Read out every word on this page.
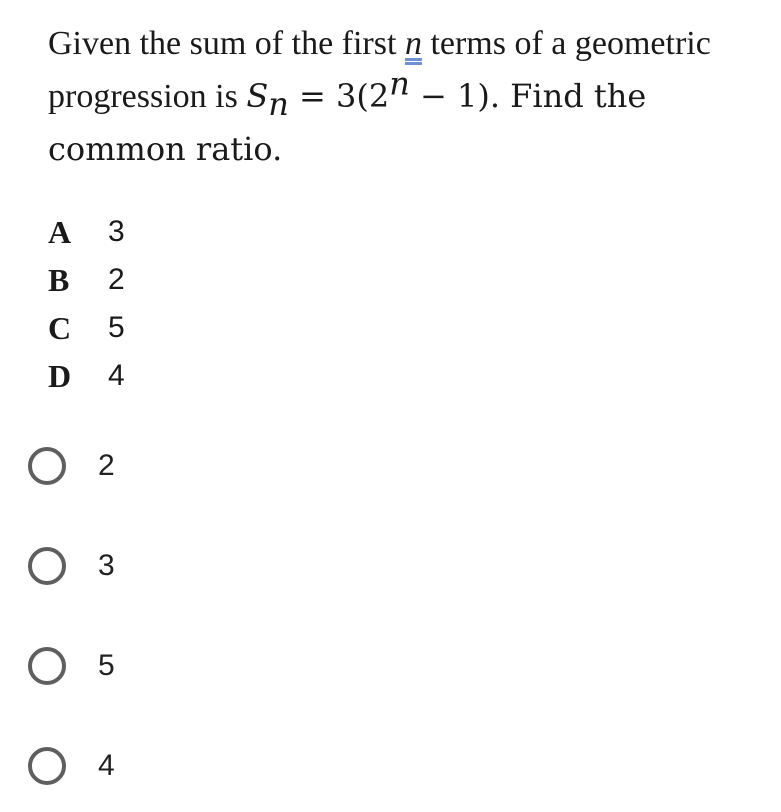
Given the sum of the first n terms of a geometric progression is $S_n = 3(2^n - 1)$. Find the common ratio.
A	3
B	2
C	5
D	4
2
3
5
4
